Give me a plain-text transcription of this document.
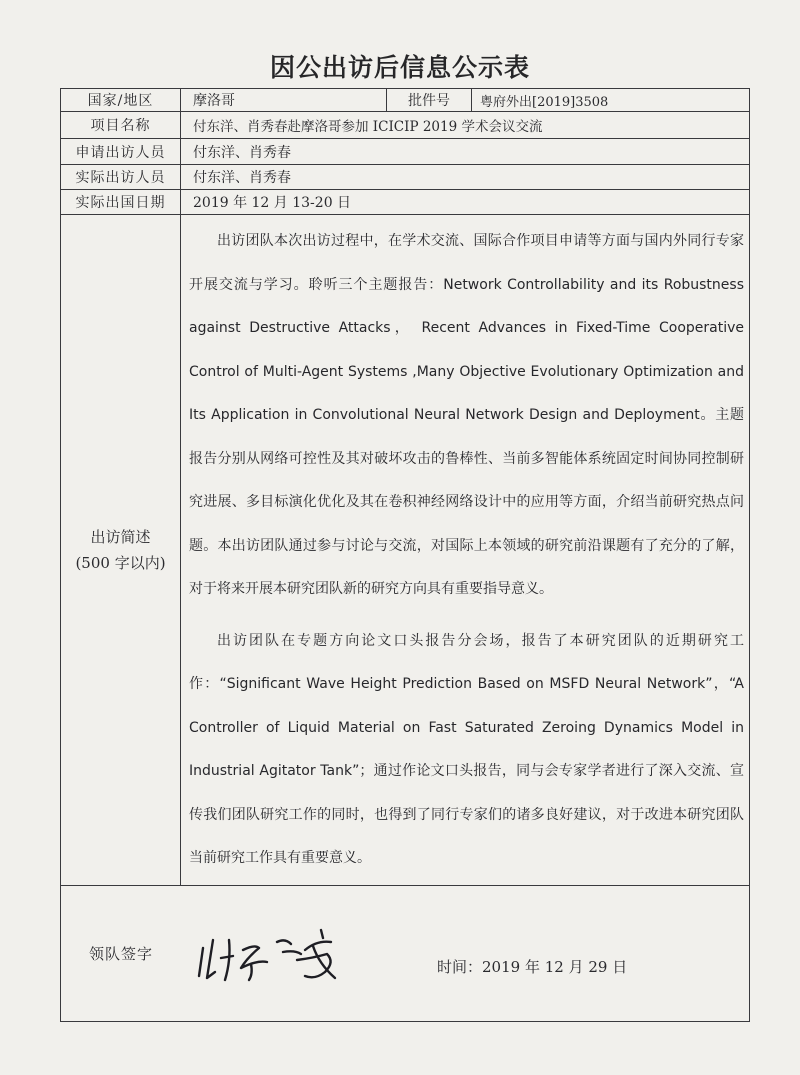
因公出访后信息公示表
国家/地区	摩洛哥	批件号	粤府外出[2019]3508
项目名称	付东洋、肖秀春赴摩洛哥参加 ICICIP 2019 学术会议交流
申请出访人员	付东洋、肖秀春
实际出访人员	付东洋、肖秀春
实际出国日期	2019 年 12 月 13-20 日
出访简述
(500 字以内)

出访团队本次出访过程中，在学术交流、国际合作项目申请等方面与国内外同行专家开展交流与学习。聆听三个主题报告：Network Controllability and its Robustness against Destructive Attacks， Recent Advances in Fixed-Time Cooperative Control of Multi-Agent Systems ,Many Objective Evolutionary Optimization and Its Application in Convolutional Neural Network Design and Deployment。主题报告分别从网络可控性及其对破坏攻击的鲁棒性、当前多智能体系统固定时间协同控制研究进展、多目标演化优化及其在卷积神经网络设计中的应用等方面，介绍当前研究热点问题。本出访团队通过参与讨论与交流，对国际上本领域的研究前沿课题有了充分的了解，对于将来开展本研究团队新的研究方向具有重要指导意义。

出访团队在专题方向论文口头报告分会场，报告了本研究团队的近期研究工作：“Significant Wave Height Prediction Based on MSFD Neural Network”，“A Controller of Liquid Material on Fast Saturated Zeroing Dynamics Model in Industrial Agitator Tank”；通过作论文口头报告，同与会专家学者进行了深入交流、宣传我们团队研究工作的同时，也得到了同行专家们的诸多良好建议，对于改进本研究团队当前研究工作具有重要意义。

领队签字
时间：2019 年 12 月 29 日
